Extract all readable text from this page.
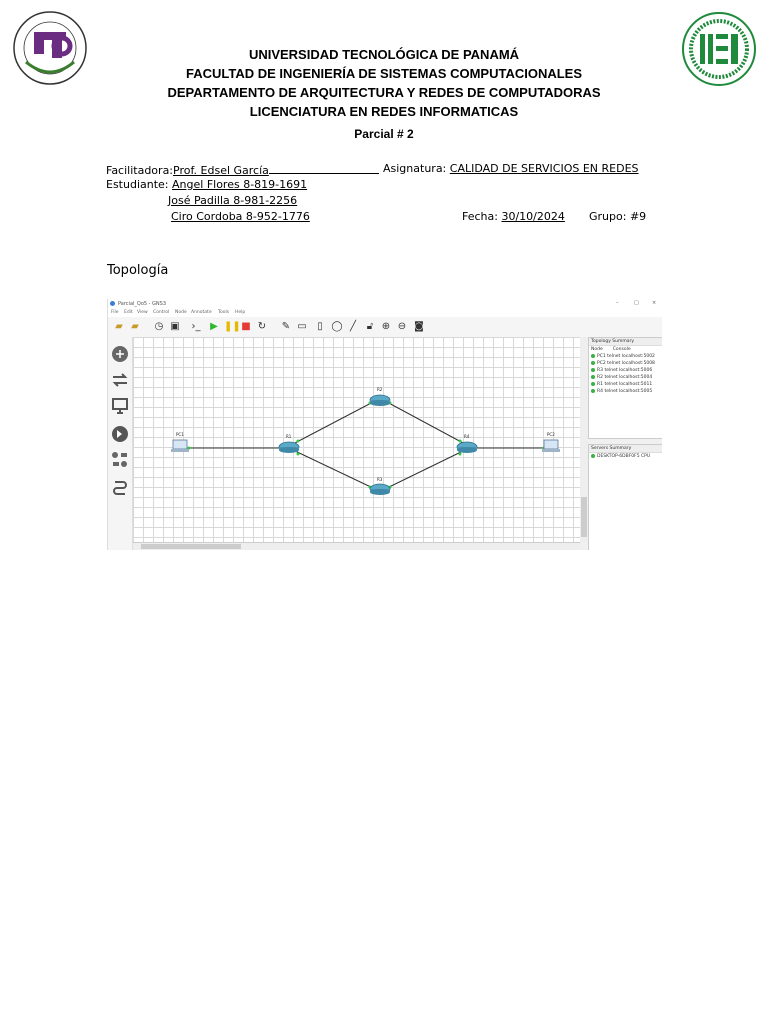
UNIVERSIDAD TECNOLÓGICA DE PANAMÁ
FACULTAD DE INGENIERÍA DE SISTEMAS COMPUTACIONALES
DEPARTAMENTO DE ARQUITECTURA Y REDES DE COMPUTADORAS
LICENCIATURA EN REDES INFORMATICAS
Parcial # 2
Facilitadora:Prof. Edsel García	Asignatura: CALIDAD DE SERVICIOS EN REDES
Estudiante: Angel Flores 8-819-1691
José Padilla 8-981-2256
Ciro Cordoba 8-952-1776	Fecha: 30/10/2024 Grupo: #9
Topología
Parcial_Qo5 - GNS3	–	□	×
File Edit View Control Node Annotate Tools Help
▰ ▰ ◷ ▣ ›_ ▶ ❚❚ ■ ↻ ✎ ▭	▯ ◯ ╱ 🔓︎ ⊕ ⊖ ◙
PC1	R1
R2
R3
R4	PC2
Topology Summary
Node Console
PC1 telnet localhost:5002
PC2 telnet localhost:5008
R3 telnet localhost:5006
R2 telnet localhost:5004
R1 telnet localhost:5011
R4 telnet localhost:5005
Servers Summary
DESKTOP-6DBF0F5 CPU
